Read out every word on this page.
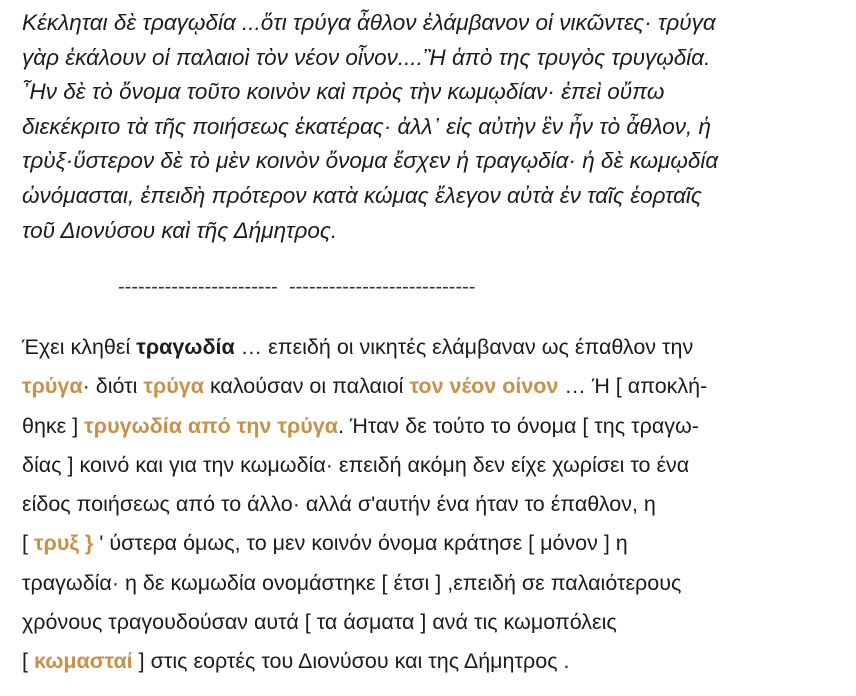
Κέκληται δὲ τραγῳδία ...ὅτι τρύγα ἆθλον ἐλάμβανον οἱ νικῶντες· τρύγα
γὰρ ἐκάλουν οἱ παλαιοὶ τὸν νέον οἶνον....Ἢ ἀπὸ της τρυγὸς τρυγῳδία.
῏Ην δὲ τὸ ὄνομα τοῦτο κοινὸν καὶ πρὸς τὴν κωμῳδίαν· ἐπεὶ οὔπω
διεκέκριτο τὰ τῆς ποιήσεως ἑκατέρας· ἀλλ᾿ εἰς αὐτὴν ἓν ἦν τὸ ἆθλον, ἡ
τρὺξ·ὕστερον δὲ τὸ μὲν κοινὸν ὄνομα ἔσχεν ἡ τραγῳδία· ἡ δὲ κωμῳδία
ὠνόμασται, ἐπειδὴ πρότερον κατὰ κώμας ἔλεγον αὐτὰ ἐν ταῖς ἑορταῖς
τοῦ Διονύσου καὶ τῆς Δήμητρος.
------------------------  ----------------------------
Έχει κληθεί τραγωδία … επειδή οι νικητές ελάμβαναν ως έπαθλον την
τρύγα· διότι τρύγα καλούσαν οι παλαιοί τον νέον οίνον … Ή [ αποκλή-
θηκε ] τρυγωδία από την τρύγα. Ήταν δε τούτο το όνομα [ της τραγω-
δίας ] κοινό και για την κωμωδία· επειδή ακόμη δεν είχε χωρίσει το ένα
είδος ποιήσεως από το άλλο· αλλά σ'αυτήν ένα ήταν το έπαθλον, η
[ τρυξ } ' ύστερα όμως, το μεν κοινόν όνομα κράτησε [ μόνον ] η
τραγωδία· η δε κωμωδία ονομάστηκε [ έτσι ] ,επειδή σε παλαιότερους
χρόνους τραγουδούσαν αυτά [ τα άσματα ] ανά τις κωμοπόλεις
[ κωμασταί ] στις εορτές του Διονύσου και της Δήμητρος .
